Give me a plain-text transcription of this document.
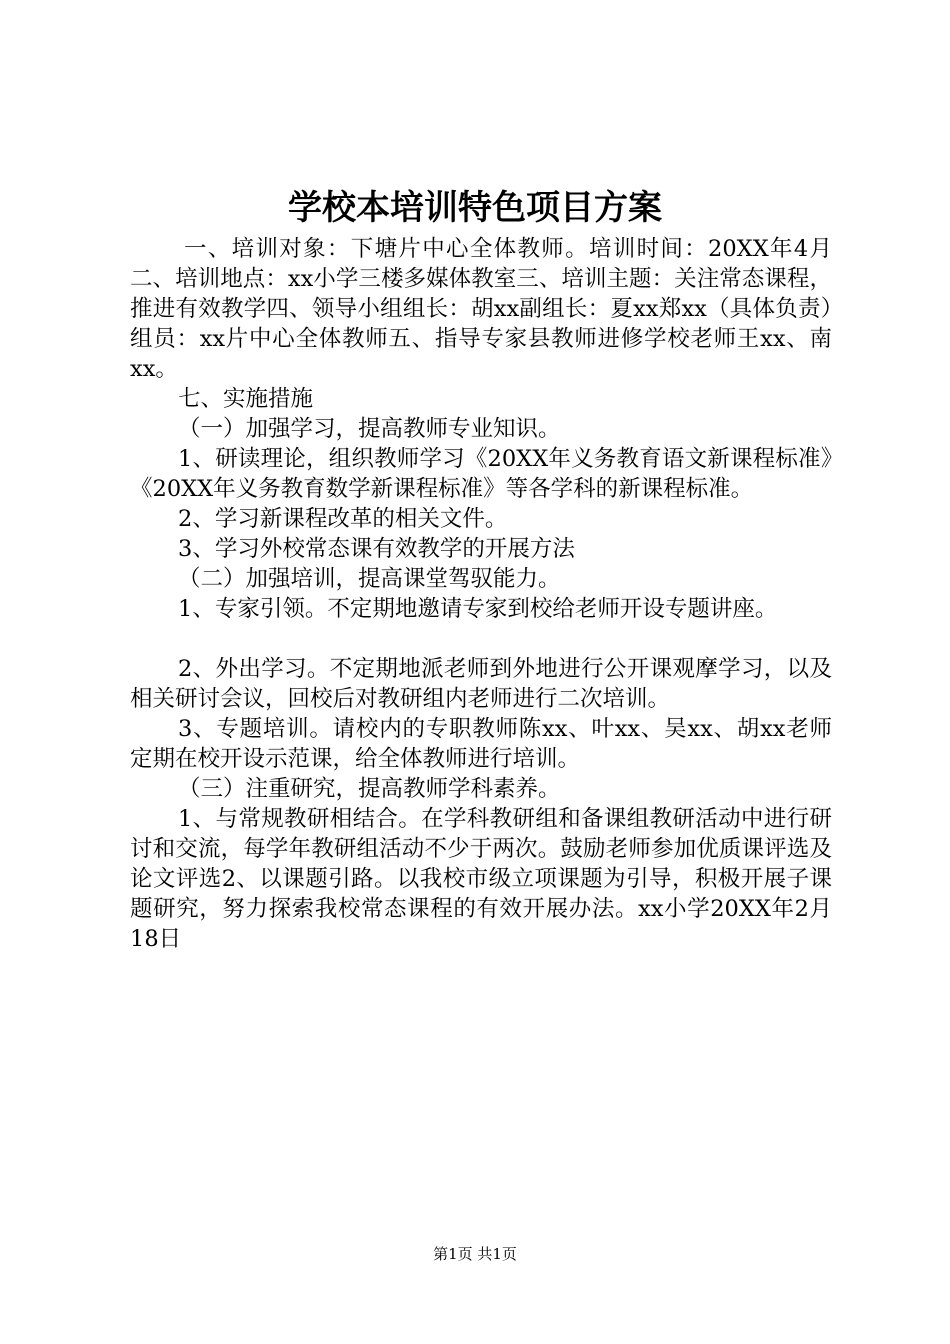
学校本培训特色项目方案

一、培训对象：下塘片中心全体教师。培训时间：20XX年4月二、培训地点：xx小学三楼多媒体教室三、培训主题：关注常态课程，推进有效教学四、领导小组组长：胡xx副组长：夏xx郑xx（具体负责）组员：xx片中心全体教师五、指导专家县教师进修学校老师王xx、南xx。

七、实施措施

（一）加强学习，提高教师专业知识。

1、研读理论，组织教师学习《20XX年义务教育语文新课程标准》《20XX年义务教育数学新课程标准》等各学科的新课程标准。

2、学习新课程改革的相关文件。

3、学习外校常态课有效教学的开展方法

（二）加强培训，提高课堂驾驭能力。

1、专家引领。不定期地邀请专家到校给老师开设专题讲座。

2、外出学习。不定期地派老师到外地进行公开课观摩学习，以及相关研讨会议，回校后对教研组内老师进行二次培训。

3、专题培训。请校内的专职教师陈xx、叶xx、吴xx、胡xx老师定期在校开设示范课，给全体教师进行培训。

（三）注重研究，提高教师学科素养。

1、与常规教研相结合。在学科教研组和备课组教研活动中进行研讨和交流，每学年教研组活动不少于两次。鼓励老师参加优质课评选及论文评选2、以课题引路。以我校市级立项课题为引导，积极开展子课题研究，努力探索我校常态课程的有效开展办法。xx小学20XX年2月18日

第1页 共1页
